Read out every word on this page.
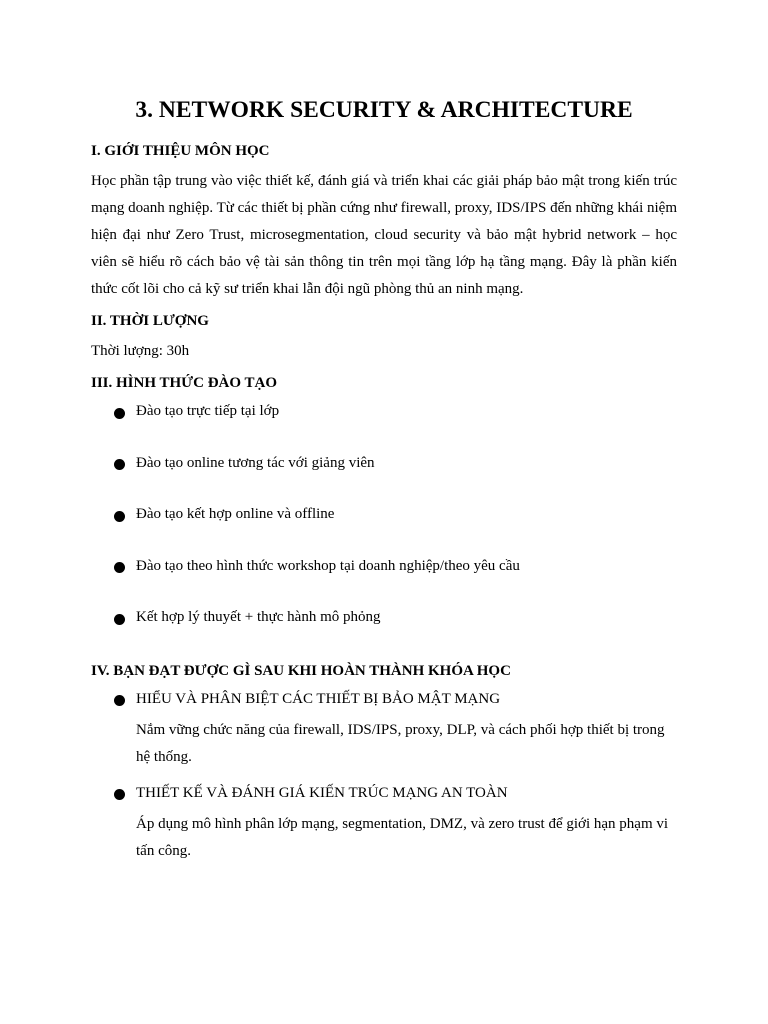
3. NETWORK SECURITY & ARCHITECTURE
I. GIỚI THIỆU MÔN HỌC

Học phần tập trung vào việc thiết kế, đánh giá và triển khai các giải pháp bảo mật trong kiến trúc mạng doanh nghiệp. Từ các thiết bị phần cứng như firewall, proxy, IDS/IPS đến những khái niệm hiện đại như Zero Trust, microsegmentation, cloud security và bảo mật hybrid network – học viên sẽ hiểu rõ cách bảo vệ tài sản thông tin trên mọi tầng lớp hạ tầng mạng. Đây là phần kiến thức cốt lõi cho cả kỹ sư triển khai lẫn đội ngũ phòng thủ an ninh mạng.

II. THỜI LƯỢNG

Thời lượng: 30h

III. HÌNH THỨC ĐÀO TẠO
Đào tạo trực tiếp tại lớp
Đào tạo online tương tác với giảng viên
Đào tạo kết hợp online và offline
Đào tạo theo hình thức workshop tại doanh nghiệp/theo yêu cầu
Kết hợp lý thuyết + thực hành mô phỏng
IV. BẠN ĐẠT ĐƯỢC GÌ SAU KHI HOÀN THÀNH KHÓA HỌC
HIỂU VÀ PHÂN BIỆT CÁC THIẾT BỊ BẢO MẬT MẠNG
Nắm vững chức năng của firewall, IDS/IPS, proxy, DLP, và cách phối hợp thiết bị trong hệ thống.
THIẾT KẾ VÀ ĐÁNH GIÁ KIẾN TRÚC MẠNG AN TOÀN
Áp dụng mô hình phân lớp mạng, segmentation, DMZ, và zero trust để giới hạn phạm vi tấn công.
